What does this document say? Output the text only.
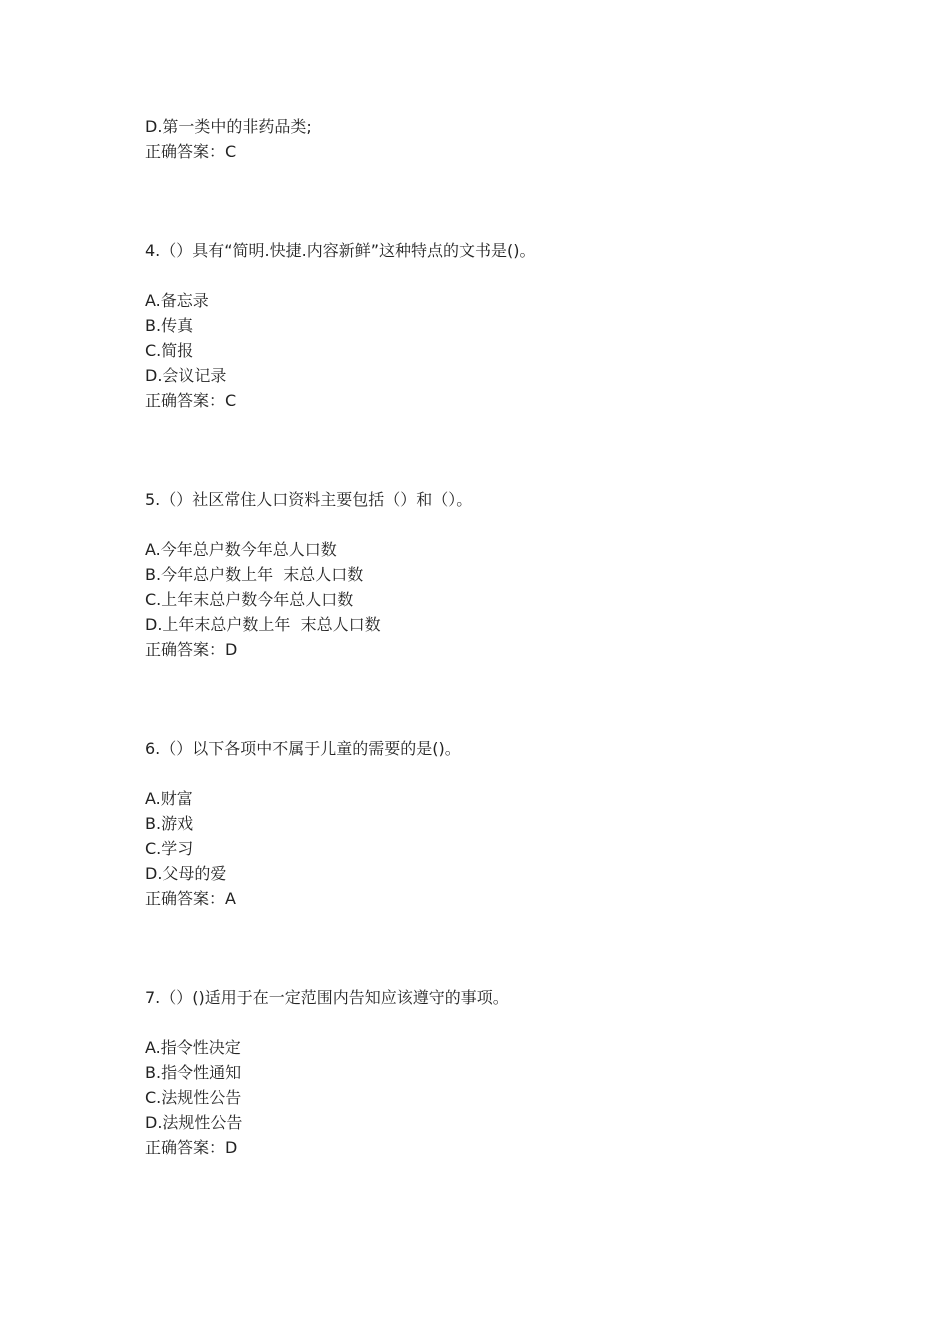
D.第一类中的非药品类;
正确答案：C
4.（）具有“简明.快捷.内容新鲜”这种特点的文书是()。
A.备忘录
B.传真
C.简报
D.会议记录
正确答案：C
5.（）社区常住人口资料主要包括（）和（）。
A.今年总户数今年总人口数
B.今年总户数上年  末总人口数
C.上年末总户数今年总人口数
D.上年末总户数上年  末总人口数
正确答案：D
6.（）以下各项中不属于儿童的需要的是()。
A.财富
B.游戏
C.学习
D.父母的爱
正确答案：A
7.（）()适用于在一定范围内告知应该遵守的事项。
A.指令性决定
B.指令性通知
C.法规性公告
D.法规性公告
正确答案：D
